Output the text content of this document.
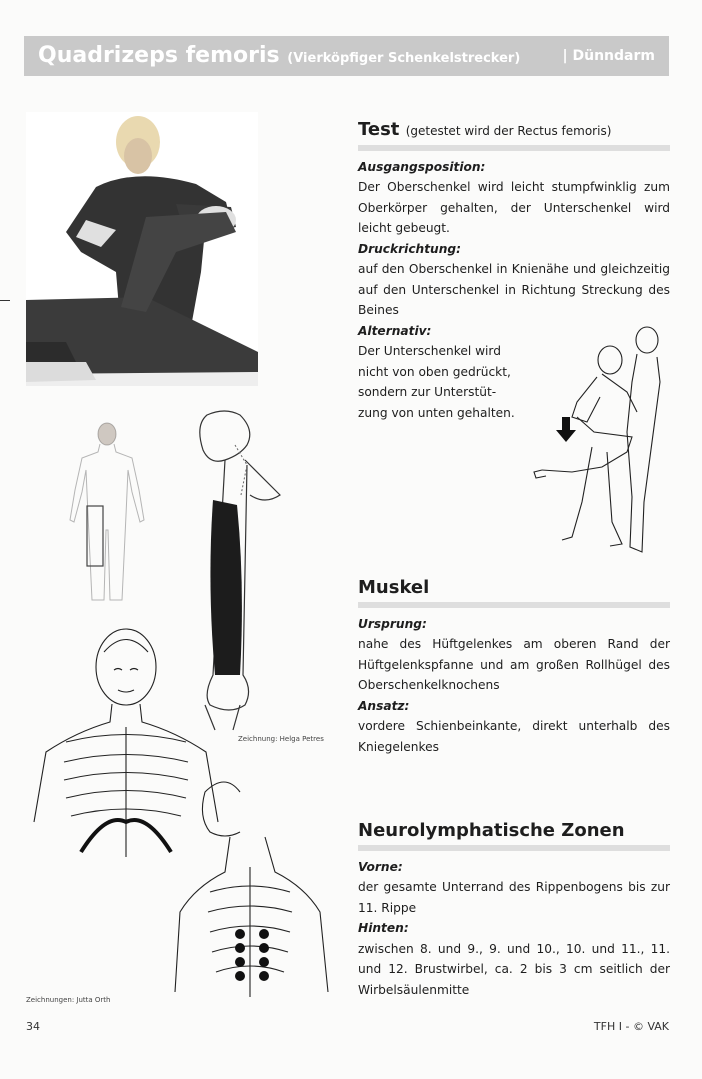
Quadrizeps femoris (Vierköpfiger Schenkelstrecker)	| Dünndarm
Zeichnung: Helga Petres
Zeichnungen: Jutta Orth
Test (getestet wird der Rectus femoris)

Ausgangsposition:

Der Oberschenkel wird leicht stumpfwinklig zum Oberkörper gehalten, der Unterschenkel wird leicht gebeugt.

Druckrichtung:

auf den Oberschenkel in Knienähe und gleichzeitig auf den Unterschenkel in Richtung Streckung des Beines

Alternativ:

Der Unterschenkel wird

nicht von oben gedrückt,

sondern zur Unterstüt-

zung von unten gehalten.

Muskel

Ursprung:

nahe des Hüftgelenkes am oberen Rand der Hüftgelenkspfanne und am großen Rollhügel des Oberschenkelknochens

Ansatz:

vordere Schienbeinkante, direkt unterhalb des Kniegelenkes

Neurolymphatische Zonen

Vorne:

der gesamte Unterrand des Rippenbogens bis zur 11. Rippe

Hinten:

zwischen 8. und 9., 9. und 10., 10. und 11., 11. und 12. Brustwirbel, ca. 2 bis 3 cm seitlich der Wirbelsäulenmitte

34	TFH I - © VAK
